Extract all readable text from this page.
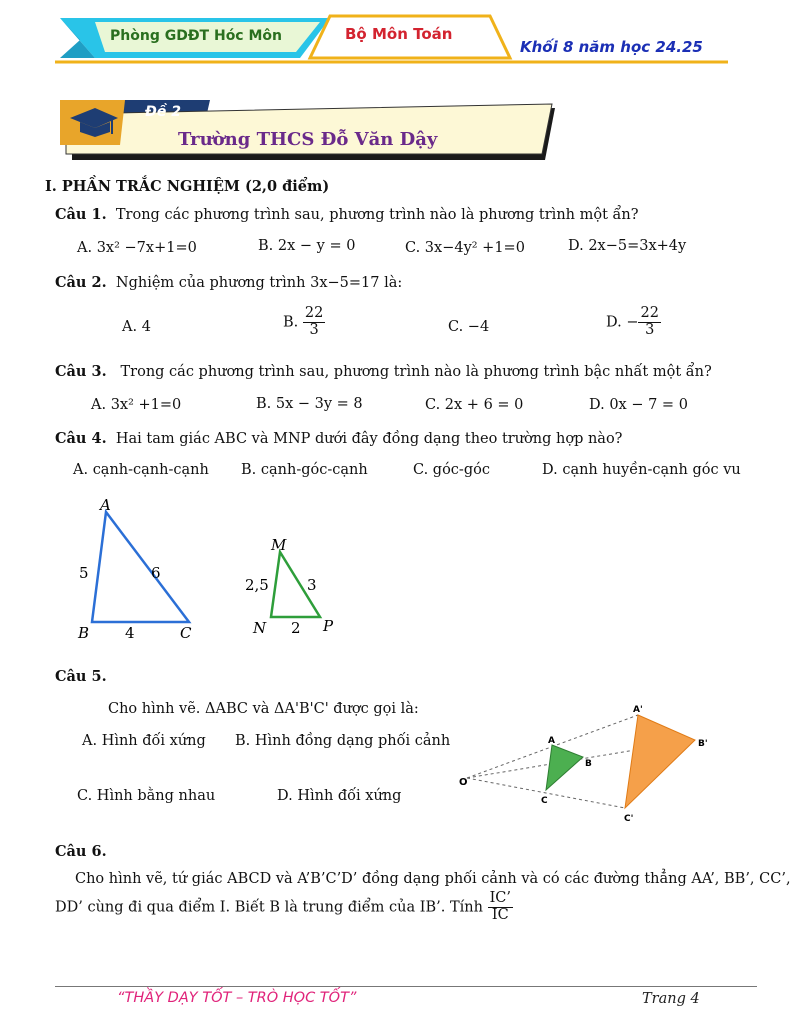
Phòng GDĐT Hóc Môn	Bộ Môn Toán
Khối 8 năm học 24.25
Đề 2
Trường THCS Đỗ Văn Dậy
I. PHẦN TRẮC NGHIỆM (2,0 điểm)
Câu 1. Trong các phương trình sau, phương trình nào là phương trình một ẩn?
A. 3x² −7x+1=0	B. 2x − y = 0	C. 3x−4y² +1=0	D. 2x−5=3x+4y
Câu 2. Nghiệm của phương trình 3x−5=17 là:
A. 4	B. $\frac{22}{3}$	C. −4	D. − $\frac{22}{3}$
Câu 3. Trong các phương trình sau, phương trình nào là phương trình bậc nhất một ẩn?
A. 3x² +1=0	B. 5x − 3y = 8	C. 2x + 6 = 0	D. 0x − 7 = 0
Câu 4. Hai tam giác ABC và MNP dưới đây đồng dạng theo trường hợp nào?
A. cạnh-cạnh-cạnh B. cạnh-góc-cạnh	C. góc-góc	D. cạnh huyền-cạnh góc vu
A
B	C
5	6
4
M
N	P
2,5	3
2
Câu 5.
Cho hình vẽ. ΔABC và ΔA'B'C' được gọi là:
A. Hình đối xứng B. Hình đồng dạng phối cảnh
C. Hình bằng nhau	D. Hình đối xứng
O
A
B
C
A'
B'
C'
Câu 6.
Cho hình vẽ, tứ giác ABCD và A’B’C’D’ đồng dạng phối cảnh và có các đường thẳng AA’, BB’, CC’,
DD’ cùng đi qua điểm I. Biết B là trung điểm của IB’. Tính $\frac{IC’}{IC}$
“THẦY DẠY TỐT – TRÒ HỌC TỐT”	Trang 4
